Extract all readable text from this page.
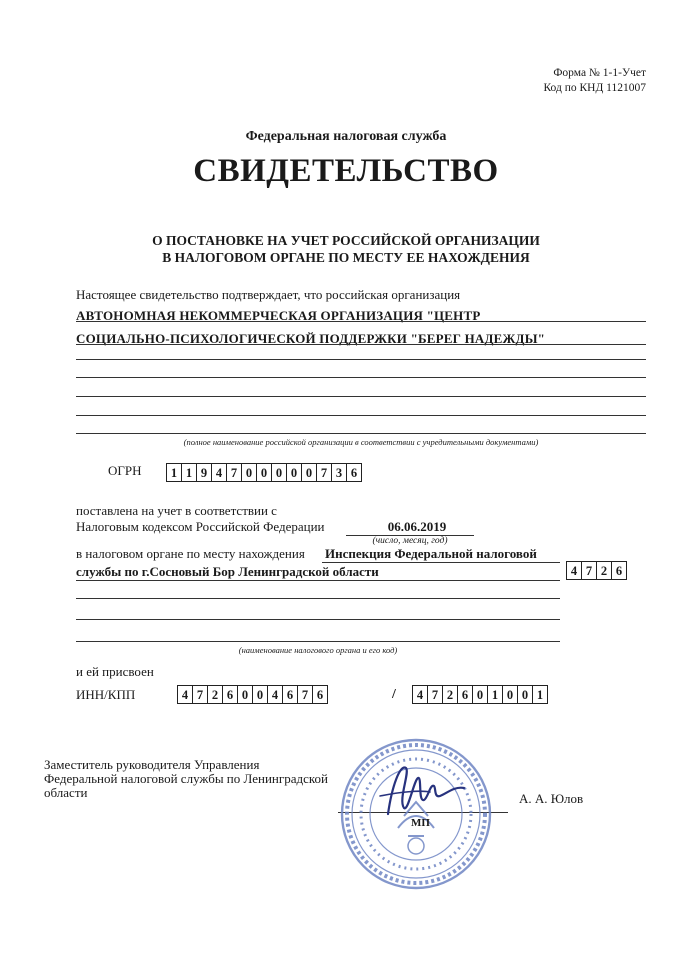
Форма № 1-1-Учет
Код по КНД 1121007
Федеральная налоговая служба
СВИДЕТЕЛЬСТВО
О ПОСТАНОВКЕ НА УЧЕТ РОССИЙСКОЙ ОРГАНИЗАЦИИ
В НАЛОГОВОМ ОРГАНЕ ПО МЕСТУ ЕЕ НАХОЖДЕНИЯ
Настоящее свидетельство подтверждает, что российская организация
АВТОНОМНАЯ НЕКОММЕРЧЕСКАЯ ОРГАНИЗАЦИЯ "ЦЕНТР
СОЦИАЛЬНО-ПСИХОЛОГИЧЕСКОЙ ПОДДЕРЖКИ "БЕРЕГ НАДЕЖДЫ"
(полное наименование российской организации в соответствии с учредительными документами)
ОГРН	1 1 9 4 7 0 0 0 0 0 7 3 6
поставлена на учет в соответствии с
Налоговым кодексом Российской Федерации	06.06.2019
(число, месяц, год)
в налоговом органе по месту нахождения Инспекция Федеральной налоговой
службы по г.Сосновый Бор Ленинградской области	4 7 2 6
(наименование налогового органа и его код)
и ей присвоен
ИНН/КПП	4 7 2 6 0 0 4 6 7 6	/	4 7 2 6 0 1 0 0 1
Заместитель руководителя Управления
Федеральной налоговой службы по Ленинградской
области	А. А. Юлов
МП
